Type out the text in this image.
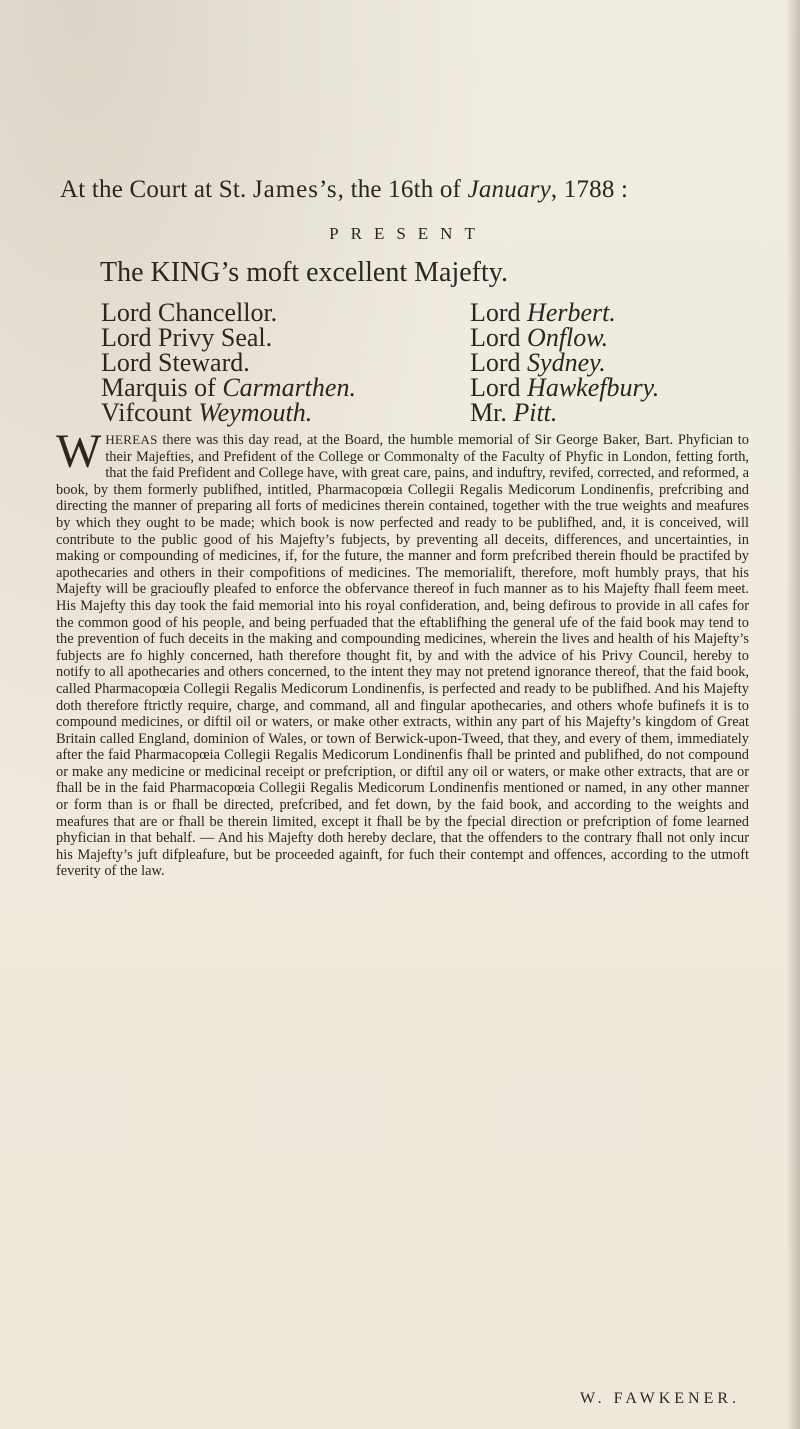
At the Court at St. James’s, the 16th of January, 1788 :
PRESENT
The KING’s moft excellent Majefty.
Lord Chancellor.
Lord Privy Seal.
Lord Steward.
Marquis of Carmarthen.
Vifcount Weymouth.
Lord Herbert.
Lord Onflow.
Lord Sydney.
Lord Hawkefbury.
Mr. Pitt.
WHEREAS there was this day read, at the Board, the humble memorial of Sir George Baker, Bart. Phyfician to their Majefties, and Prefident of the College or Commonalty of the Faculty of Phyfic in London, fetting forth, that the faid Prefident and College have, with great care, pains, and induftry, revifed, corrected, and reformed, a book, by them formerly publifhed, intitled, Pharmacopœia Collegii Regalis Medicorum Londinenfis, prefcribing and directing the manner of preparing all forts of medicines therein contained, together with the true weights and meafures by which they ought to be made; which book is now perfected and ready to be publifhed, and, it is conceived, will contribute to the public good of his Majefty’s fubjects, by preventing all deceits, differences, and uncertainties, in making or compounding of medicines, if, for the future, the manner and form prefcribed therein fhould be practifed by apothecaries and others in their compofitions of medicines. The memorialift, therefore, moft humbly prays, that his Majefty will be gracioufly pleafed to enforce the obfervance thereof in fuch manner as to his Majefty fhall feem meet. His Majefty this day took the faid memorial into his royal confideration, and, being defirous to provide in all cafes for the common good of his people, and being perfuaded that the eftablifhing the general ufe of the faid book may tend to the prevention of fuch deceits in the making and compounding medicines, wherein the lives and health of his Majefty’s fubjects are fo highly concerned, hath therefore thought fit, by and with the advice of his Privy Council, hereby to notify to all apothecaries and others concerned, to the intent they may not pretend ignorance thereof, that the faid book, called Pharmacopœia Collegii Regalis Medicorum Londinenfis, is perfected and ready to be publifhed. And his Majefty doth therefore ftrictly require, charge, and command, all and fingular apothecaries, and others whofe bufinefs it is to compound medicines, or diftil oil or waters, or make other extracts, within any part of his Majefty’s kingdom of Great Britain called England, dominion of Wales, or town of Berwick-upon-Tweed, that they, and every of them, immediately after the faid Pharmacopœia Collegii Regalis Medicorum Londinenfis fhall be printed and publifhed, do not compound or make any medicine or medicinal receipt or prefcription, or diftil any oil or waters, or make other extracts, that are or fhall be in the faid Pharmacopœia Collegii Regalis Medicorum Londinenfis mentioned or named, in any other manner or form than is or fhall be directed, prefcribed, and fet down, by the faid book, and according to the weights and meafures that are or fhall be therein limited, except it fhall be by the fpecial direction or prefcription of fome learned phyfician in that behalf. — And his Majefty doth hereby declare, that the offenders to the contrary fhall not only incur his Majefty’s juft difpleafure, but be proceeded againft, for fuch their contempt and offences, according to the utmoft feverity of the law.
W. FAWKENER.
